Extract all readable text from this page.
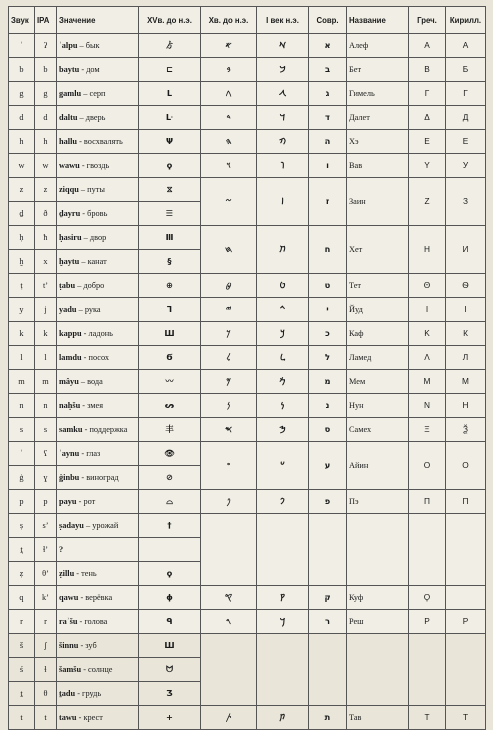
Звук	IPA	Значение	XVв. до н.э.	Хв. до н.э.	I век н.э.	Совр.	Название	Греч.	Кирилл.
ʾ	ʔ	ʾalpu – бык	ゟ	𐤀	𐡀	א	Алеф	Α	А
b	b	baytu - дом	⊏	𐤁	𐡁	ב	Бет	Β	Б
g	g	gamlu – серп	ᒪ	𐤂	𐡂	ג	Гимель	Γ	Г
d	d	daltu – дверь	ᒷ	𐤃	𐡃	ד	Далет	Δ	Д
h	h	hallu - восхвалять	Ψ	𐤄	𐡄	ה	Хэ	Ε	Е
w	w	wawu - гвоздь	ϙ	𐤅	𐡅	ו	Вав	Υ	У
z	z	ziqqu – путы	⧖	𐤆	𐡆	ז	Заин	Ζ	З
ḏ	ð	ḏayru - бровь	☰						
ḥ	ħ	ḥasiru – двор	Ⅲ	𐤇	𐡇	ח	Хет	Η	И
ḫ	x	ḫaytu – канат	§						
ṭ	tʼ	ṭabu – добро	⊕	𐤈	𐡈	ט	Тет	Θ	Ѳ
y	j	yadu – рука	ᒣ	𐤉	𐡉	י	Йуд	Ι	І
k	k	kappu - ладонь	Ш	𐤊	𐡊	כ	Каф	Κ	К
l	l	lamdu - посох	Ϭ	𐤋	𐡋	ל	Ламед	Λ	Л
m	m	mâyu – вода	〰	𐤌	𐡌	מ	Мем	Μ	М
n	n	naḥšu - змея	ᔕ	𐤍	𐡍	נ	Нун	Ν	Н
s	s	samku - поддержка	丰	𐤎	𐡎	ס	Самех	Ξ	Ѯ
ʿ	ʕ	ʿaynu - глаз	👁	𐤏	𐡏	ע	Айин	Ο	О
ġ	ɣ	ġinbu - виноград	⊘						
p	p	payu - рот	⌓	𐤐	𐡐	פ	Пэ	Π	П
ṣ	sʼ	ṣadayu – урожай	†						
ṯ̣	ɬʼ	?							
ẓ	θʼ	ẓillu - тень	ϙ						
q	kʼ	qawu - верёвка	ϕ	𐤒	𐡒	ק	Куф	Ϙ	
r	r	raʾšu - голова	ᑫ	𐤓	𐡓	ר	Реш	Ρ	Р
š	ʃ	šinnu - зуб	Ш						
ś	ɬ	šamšu - солнце	ᗢ						
ṯ	θ	ṯadu - грудь	Ʒ						
t	t	tawu - крест	+	𐤕	𐡕	ת	Тав	Τ	Т
